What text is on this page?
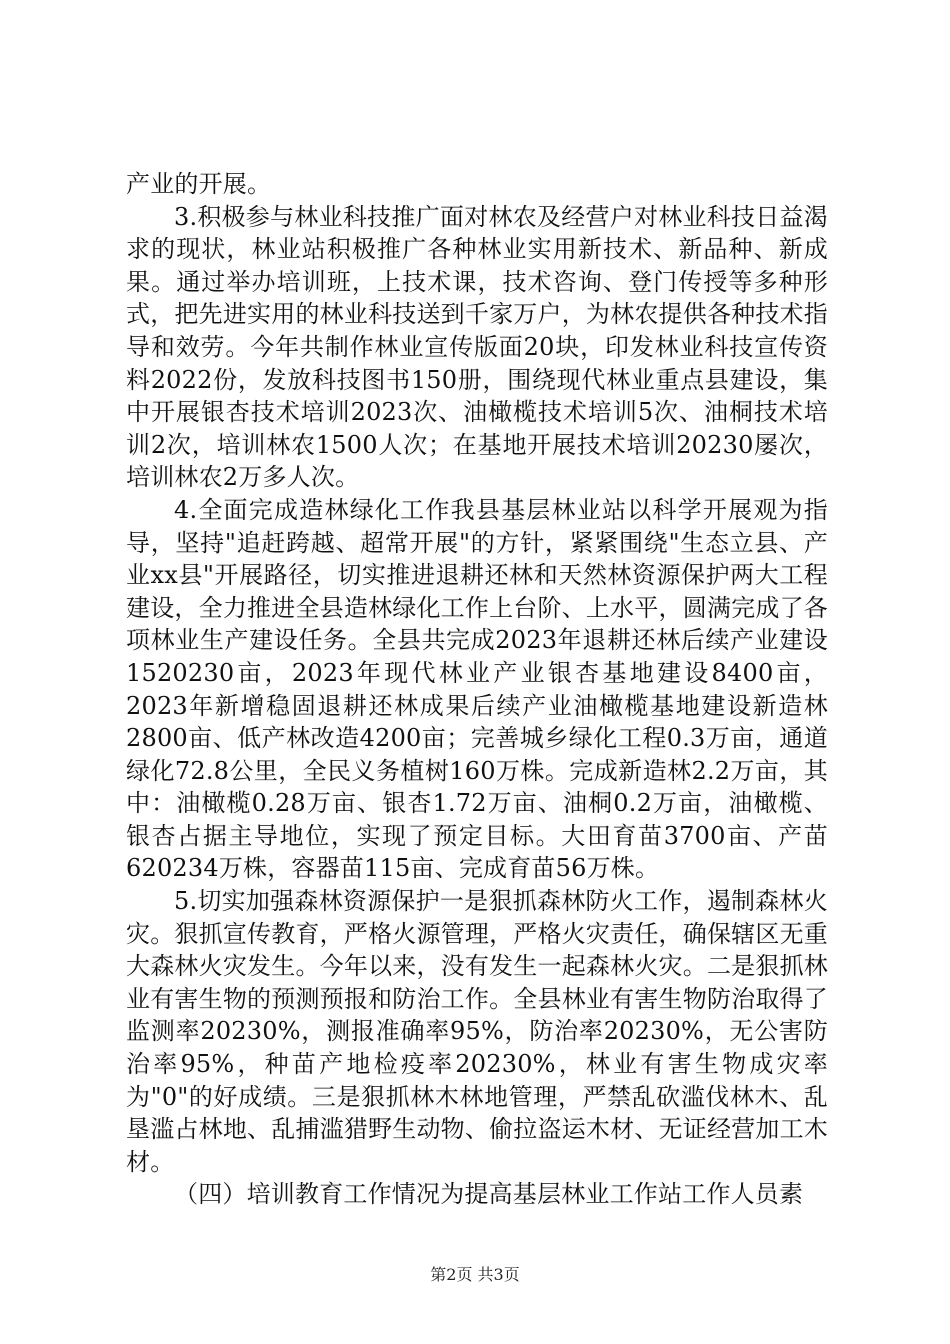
产业的开展。

3.积极参与林业科技推广面对林农及经营户对林业科技日益渴求的现状，林业站积极推广各种林业实用新技术、新品种、新成果。通过举办培训班，上技术课，技术咨询、登门传授等多种形式，把先进实用的林业科技送到千家万户，为林农提供各种技术指导和效劳。今年共制作林业宣传版面20块，印发林业科技宣传资料2022份，发放科技图书150册，围绕现代林业重点县建设，集中开展银杏技术培训2023次、油橄榄技术培训5次、油桐技术培训2次，培训林农1500人次；在基地开展技术培训20230屡次，培训林农2万多人次。

4.全面完成造林绿化工作我县基层林业站以科学开展观为指导，坚持"追赶跨越、超常开展"的方针，紧紧围绕"生态立县、产业xx县"开展路径，切实推进退耕还林和天然林资源保护两大工程建设，全力推进全县造林绿化工作上台阶、上水平，圆满完成了各项林业生产建设任务。全县共完成2023年退耕还林后续产业建设1520230亩，2023年现代林业产业银杏基地建设8400亩，2023年新增稳固退耕还林成果后续产业油橄榄基地建设新造林2800亩、低产林改造4200亩；完善城乡绿化工程0.3万亩，通道绿化72.8公里，全民义务植树160万株。完成新造林2.2万亩，其中：油橄榄0.28万亩、银杏1.72万亩、油桐0.2万亩，油橄榄、银杏占据主导地位，实现了预定目标。大田育苗3700亩、产苗620234万株，容器苗115亩、完成育苗56万株。

5.切实加强森林资源保护一是狠抓森林防火工作，遏制森林火灾。狠抓宣传教育，严格火源管理，严格火灾责任，确保辖区无重大森林火灾发生。今年以来，没有发生一起森林火灾。二是狠抓林业有害生物的预测预报和防治工作。全县林业有害生物防治取得了监测率20230%，测报准确率95%，防治率20230%，无公害防治率95%，种苗产地检疫率20230%，林业有害生物成灾率为"0"的好成绩。三是狠抓林木林地管理，严禁乱砍滥伐林木、乱垦滥占林地、乱捕滥猎野生动物、偷拉盗运木材、无证经营加工木材。

（四）培训教育工作情况为提高基层林业工作站工作人员素

第2页 共3页
